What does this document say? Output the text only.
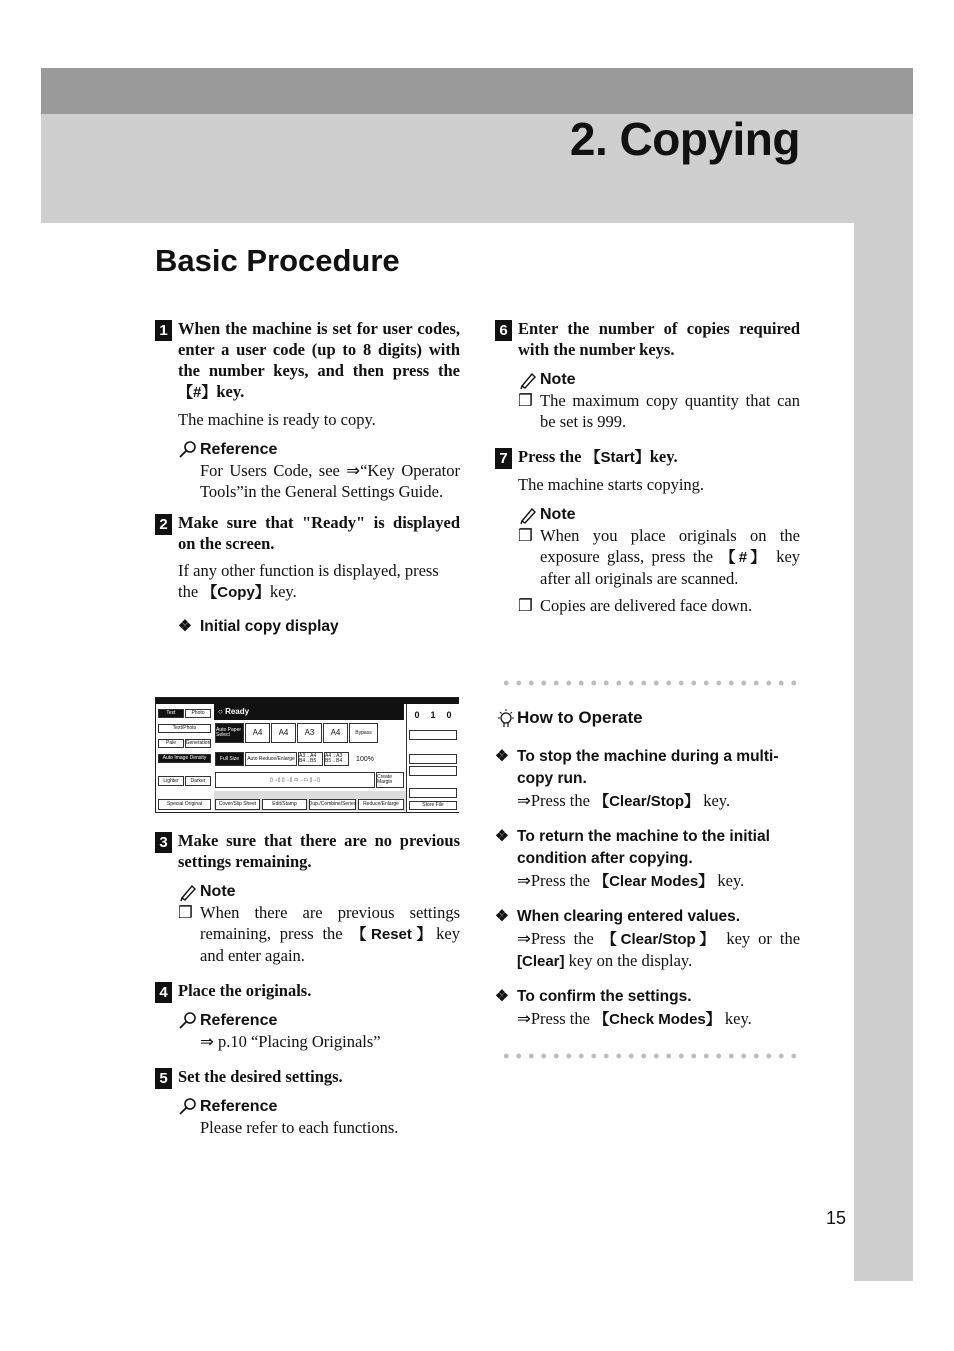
2. Copying
Basic Procedure
1 When the machine is set for user codes, enter a user code (up to 8 digits) with the number keys, and then press the 【#】key.
The machine is ready to copy.
Reference
For Users Code, see ⇒“Key Operator Tools”in the General Settings Guide.
2 Make sure that "Ready" is displayed on the screen.
If any other function is displayed, press the 【Copy】key.
❖ Initial copy display
○ Ready
Text	Photo
Text/Photo
Pale	Generation
Auto Image Density
Lighter	Darker
Special Original
Auto Paper Select	A4	A4	A3	A4	Bypass
Full Size	Auto Reduce/Enlarge A3→A4 B4→B5
A4→A3 B5→B4	100%
▯→▯ ▯→▯ ▭→▭ ▯→▯	Create Margin
Cover/Slip Sheet	Edit/Stamp	Dup./Combine/Series	Reduce/Enlarge
0 1 0
Store File
3 Make sure that there are no previous settings remaining.
Note
❒ When there are previous settings remaining, press the 【Reset】key and enter again.
4 Place the originals.
Reference
⇒ p.10 “Placing Originals”
5 Set the desired settings.
Reference
Please refer to each functions.
6 Enter the number of copies required with the number keys.
Note
❒ The maximum copy quantity that can be set is 999.
7 Press the 【Start】key.
The machine starts copying.
Note
❒ When you place originals on the exposure glass, press the 【#】 key after all originals are scanned.
❒ Copies are delivered face down.
How to Operate
❖ To stop the machine during a multi-copy run.
⇒Press the 【Clear/Stop】 key.
❖ To return the machine to the initial condition after copying.
⇒Press the 【Clear Modes】 key.
❖ When clearing entered values.
⇒Press the 【Clear/Stop】 key or the [Clear] key on the display.
❖ To confirm the settings.
⇒Press the 【Check Modes】 key.
15
